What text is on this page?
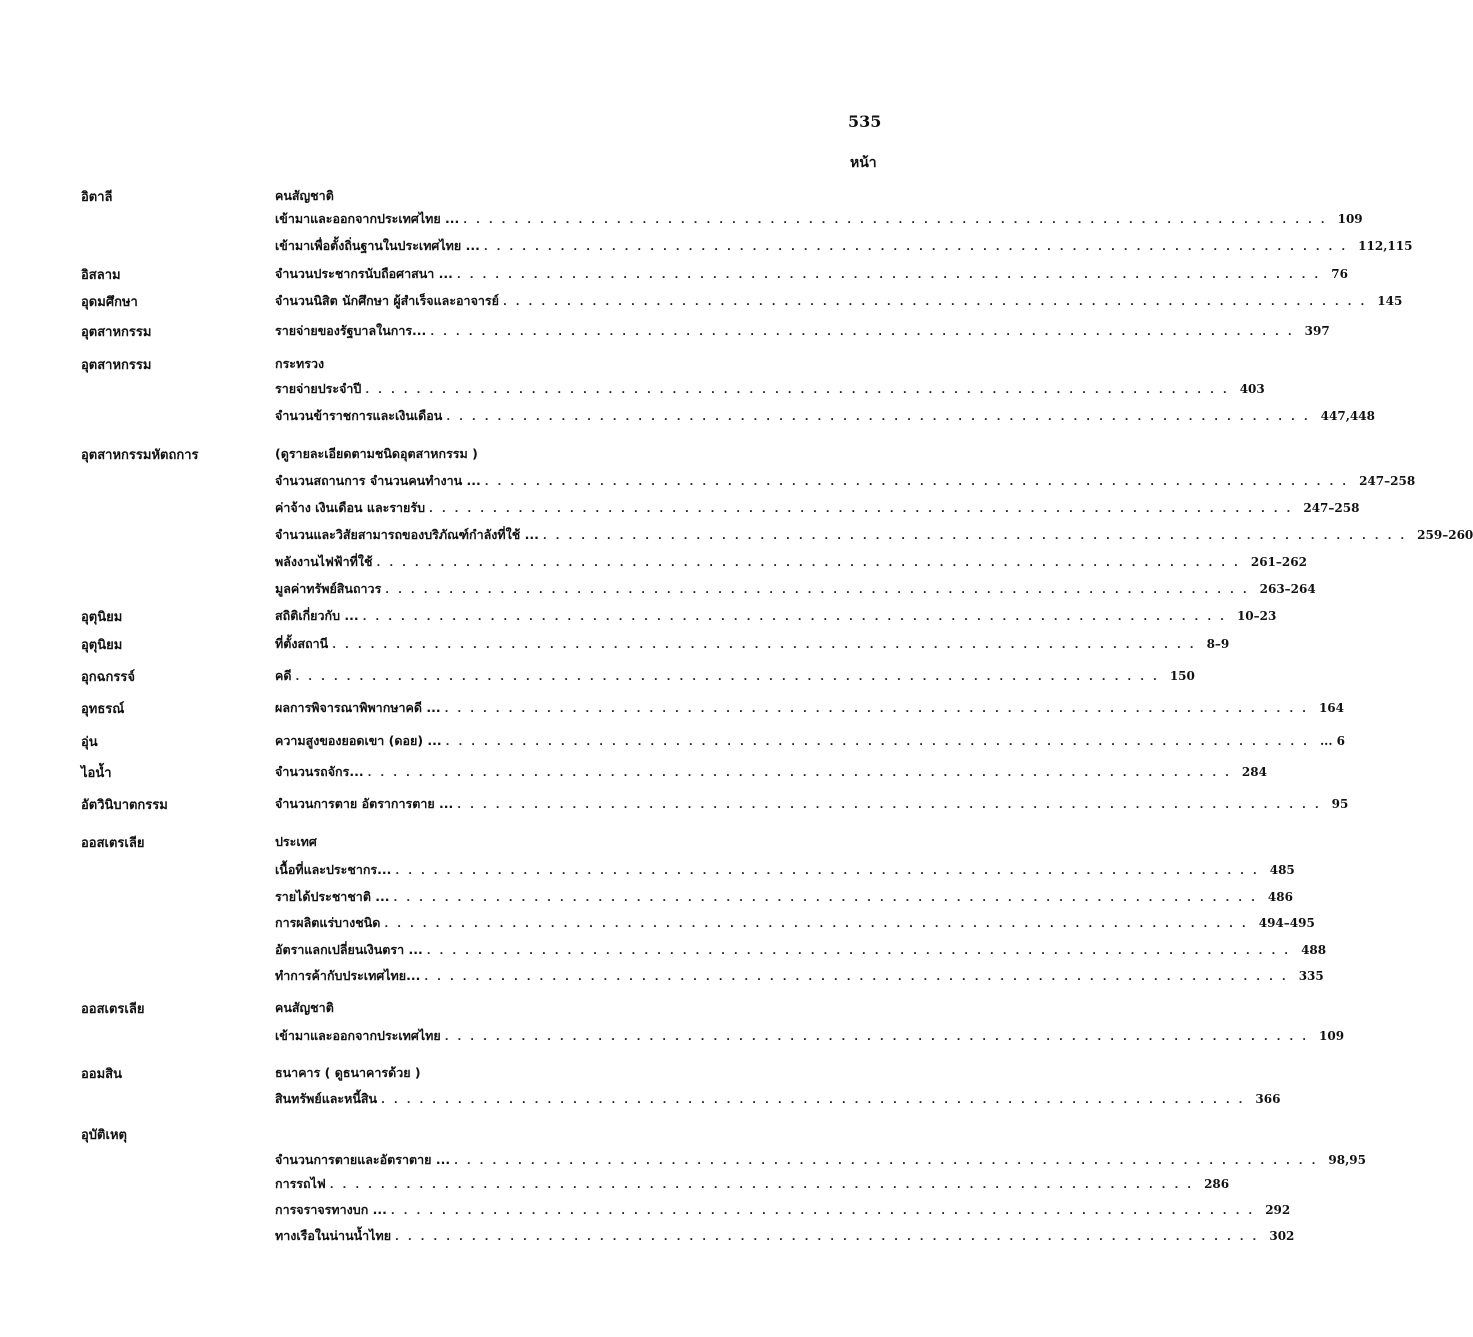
535
หน้า
อิตาลี
อิสลาม
อุดมศึกษา
อุตสาหกรรม
อุตสาหกรรม
อุตสาหกรรมหัตถการ
อุตุนิยม
อุตุนิยม
อุกฉกรรจ์
อุทธรณ์
อุ่น
ไอน้ำ
อัตวินิบาตกรรม
ออสเตรเลีย
ออสเตรเลีย
ออมสิน
อุบัติเหตุ
คนสัญชาติ
เข้ามาและออกจากประเทศไทย ... .................................................................... 109
เข้ามาเพื่อตั้งถิ่นฐานในประเทศไทย ... .................................................................... 112,115
จำนวนประชากรนับถือศาสนา ... .................................................................... 76
จำนวนนิสิต นักศึกษา ผู้สำเร็จและอาจารย์ .................................................................... 145
รายจ่ายของรัฐบาลในการ... .................................................................... 397
กระทรวง
รายจ่ายประจำปี .................................................................... 403
จำนวนข้าราชการและเงินเดือน .................................................................... 447,448
(ดูรายละเอียดตามชนิดอุตสาหกรรม )
จำนวนสถานการ จำนวนคนทำงาน ... .................................................................... 247–258
ค่าจ้าง เงินเดือน และรายรับ .................................................................... 247–258
จำนวนและวิสัยสามารถของบริภัณฑ์กำลังที่ใช้ ... .................................................................... 259–260
พลังงานไฟฟ้าที่ใช้ .................................................................... 261–262
มูลค่าทรัพย์สินถาวร .................................................................... 263–264
สถิติเกี่ยวกับ ... .................................................................... 10–23
ที่ตั้งสถานี .................................................................... 8–9
คดี .................................................................... 150
ผลการพิจารณาพิพากษาคดี ... .................................................................... 164
ความสูงของยอดเขา (ดอย) ... .................................................................... ... 6
จำนวนรถจักร... .................................................................... 284
จำนวนการตาย อัตราการตาย ... .................................................................... 95
ประเทศ
เนื้อที่และประชากร... .................................................................... 485
รายได้ประชาชาติ ... .................................................................... 486
การผลิตแร่บางชนิด .................................................................... 494–495
อัตราแลกเปลี่ยนเงินตรา ... .................................................................... 488
ทำการค้ากับประเทศไทย... .................................................................... 335
คนสัญชาติ
เข้ามาและออกจากประเทศไทย .................................................................... 109
ธนาคาร ( ดูธนาคารด้วย )
สินทรัพย์และหนี้สิน .................................................................... 366
จำนวนการตายและอัตราตาย ... .................................................................... 98,95
การรถไฟ .................................................................... 286
การจราจรทางบก ... .................................................................... 292
ทางเรือในน่านน้ำไทย .................................................................... 302
